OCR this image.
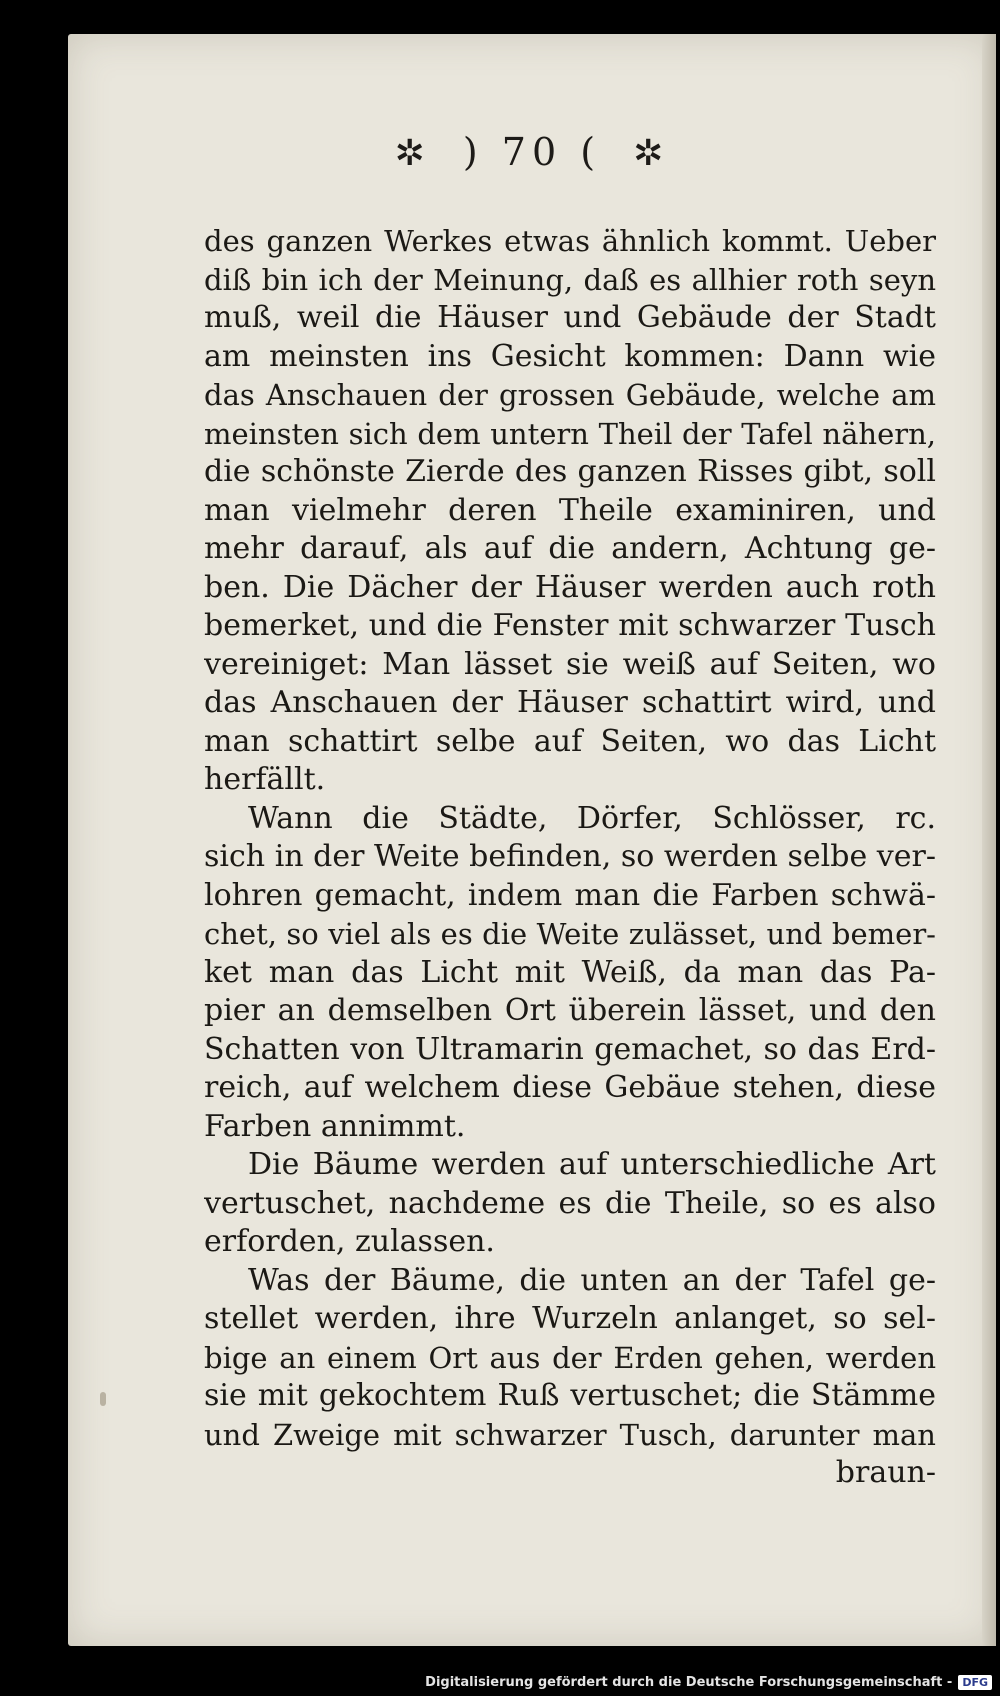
✲ ) 70 ( ✲
des ganzen Werkes etwas ähnlich kommt. Ueber
diß bin ich der Meinung, daß es allhier roth seyn
muß, weil die Häuser und Gebäude der Stadt
am meinsten ins Gesicht kommen: Dann wie
das Anschauen der grossen Gebäude, welche am
meinsten sich dem untern Theil der Tafel nähern,
die schönste Zierde des ganzen Risses gibt, soll
man vielmehr deren Theile examiniren, und
mehr darauf, als auf die andern, Achtung ge-
ben. Die Dächer der Häuser werden auch roth
bemerket, und die Fenster mit schwarzer Tusch
vereiniget: Man lässet sie weiß auf Seiten, wo
das Anschauen der Häuser schattirt wird, und
man schattirt selbe auf Seiten, wo das Licht
herfällt.
Wann die Städte, Dörfer, Schlösser, rc.
sich in der Weite befinden, so werden selbe ver-
lohren gemacht, indem man die Farben schwä-
chet, so viel als es die Weite zulässet, und bemer-
ket man das Licht mit Weiß, da man das Pa-
pier an demselben Ort überein lässet, und den
Schatten von Ultramarin gemachet, so das Erd-
reich, auf welchem diese Gebäue stehen, diese
Farben annimmt.
Die Bäume werden auf unterschiedliche Art
vertuschet, nachdeme es die Theile, so es also
erforden, zulassen.
Was der Bäume, die unten an der Tafel ge-
stellet werden, ihre Wurzeln anlanget, so sel-
bige an einem Ort aus der Erden gehen, werden
sie mit gekochtem Ruß vertuschet; die Stämme
und Zweige mit schwarzer Tusch, darunter man
braun-
Digitalisierung gefördert durch die Deutsche Forschungsgemeinschaft - DFG
